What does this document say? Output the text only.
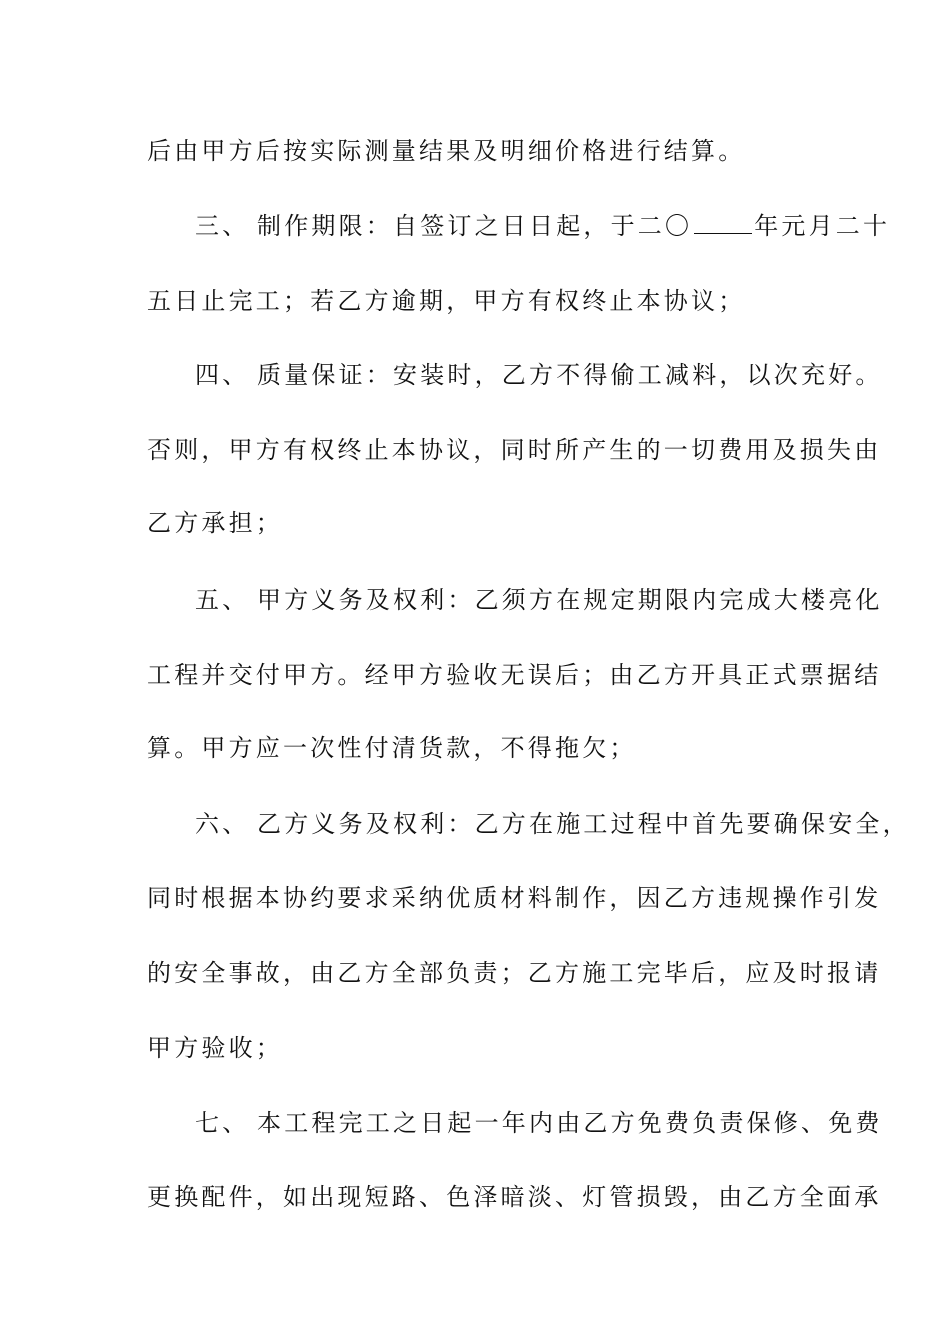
后由甲方后按实际测量结果及明细价格进行结算。
三、 制作期限：自签订之日日起，于二〇	年元月二十
五日止完工；若乙方逾期，甲方有权终止本协议；
四、 质量保证：安装时，乙方不得偷工减料，以次充好。
否则，甲方有权终止本协议，同时所产生的一切费用及损失由
乙方承担；
五、 甲方义务及权利：乙须方在规定期限内完成大楼亮化
工程并交付甲方。经甲方验收无误后；由乙方开具正式票据结
算。甲方应一次性付清货款，不得拖欠；
六、 乙方义务及权利：乙方在施工过程中首先要确保安全，
同时根据本协约要求采纳优质材料制作，因乙方违规操作引发
的安全事故，由乙方全部负责；乙方施工完毕后，应及时报请
甲方验收；
七、 本工程完工之日起一年内由乙方免费负责保修、免费
更换配件，如出现短路、色泽暗淡、灯管损毁，由乙方全面承
